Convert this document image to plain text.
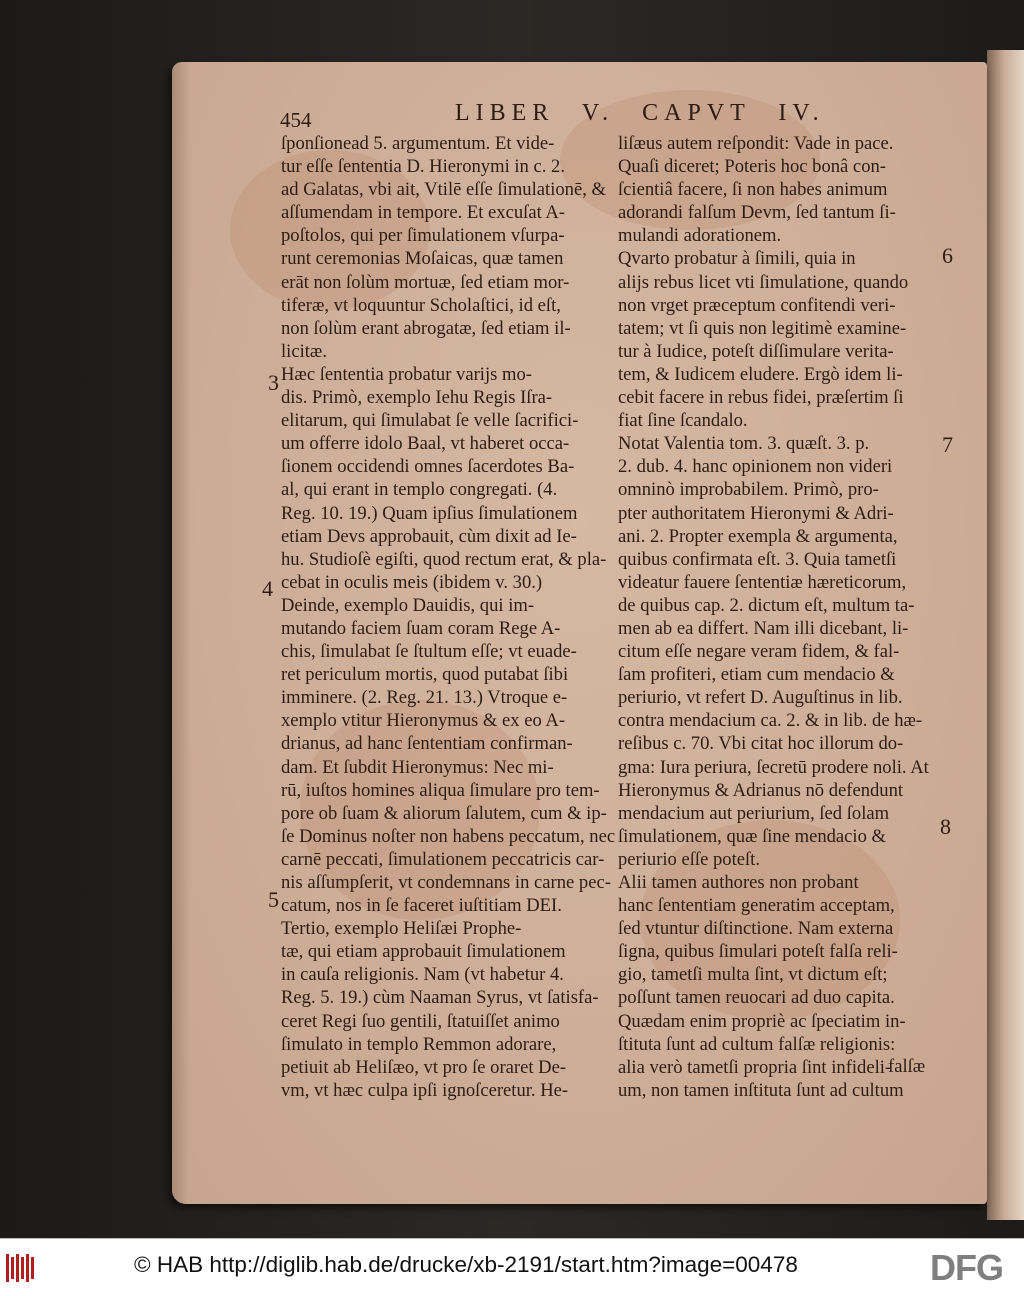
454	LIBER V. CAPVT IV.
ſponſionead 5. argumentum. Et vide-
tur eſſe ſententia D. Hieronymi in c. 2.
ad Galatas, vbi ait, Vtilē eſſe ſimulationē, &
aſſumendam in tempore. Et excuſat A-
poſtolos, qui per ſimulationem vſurpa-
runt ceremonias Moſaicas, quæ tamen
erāt non ſolùm mortuæ, ſed etiam mor-
tiferæ, vt loquuntur Scholaſtici, id eſt,
non ſolùm erant abrogatæ, ſed etiam il-
licitæ.
Hæc ſententia probatur varijs mo-
dis. Primò, exemplo Iehu Regis Iſra-
elitarum, qui ſimulabat ſe velle ſacrifici-
um offerre idolo Baal, vt haberet occa-
ſionem occidendi omnes ſacerdotes Ba-
al, qui erant in templo congregati. (4.
Reg. 10. 19.) Quam ipſius ſimulationem
etiam Devs approbauit, cùm dixit ad Ie-
hu. Studioſè egiſti, quod rectum erat, & pla-
cebat in oculis meis (ibidem v. 30.)
Deinde, exemplo Dauidis, qui im-
mutando faciem ſuam coram Rege A-
chis, ſimulabat ſe ſtultum eſſe; vt euade-
ret periculum mortis, quod putabat ſibi
imminere. (2. Reg. 21. 13.) Vtroque e-
xemplo vtitur Hieronymus & ex eo A-
drianus, ad hanc ſententiam confirman-
dam. Et ſubdit Hieronymus: Nec mi-
rū, iuſtos homines aliqua ſimulare pro tem-
pore ob ſuam & aliorum ſalutem, cum & ip-
ſe Dominus noſter non habens peccatum, nec
carnē peccati, ſimulationem peccatricis car-
nis aſſumpſerit, vt condemnans in carne pec-
catum, nos in ſe faceret iuſtitiam DEI.
Tertio, exemplo Heliſæi Prophe-
tæ, qui etiam approbauit ſimulationem
in cauſa religionis. Nam (vt habetur 4.
Reg. 5. 19.) cùm Naaman Syrus, vt ſatisfa-
ceret Regi ſuo gentili, ſtatuiſſet animo
ſimulato in templo Remmon adorare,
petiuit ab Heliſæo, vt pro ſe oraret De-
vm, vt hæc culpa ipſi ignoſceretur. He-
liſæus autem reſpondit: Vade in pace.
Quaſi diceret; Poteris hoc bonâ con-
ſcientiâ facere, ſi non habes animum
adorandi falſum Devm, ſed tantum ſi-
mulandi adorationem.
Qvarto probatur à ſimili, quia in
alijs rebus licet vti ſimulatione, quando
non vrget præceptum confitendi veri-
tatem; vt ſi quis non legitimè examine-
tur à Iudice, poteſt diſſimulare verita-
tem, & Iudicem eludere. Ergò idem li-
cebit facere in rebus fidei, præſertim ſi
fiat ſine ſcandalo.
Notat Valentia tom. 3. quæſt. 3. p.
2. dub. 4. hanc opinionem non videri
omninò improbabilem. Primò, pro-
pter authoritatem Hieronymi & Adri-
ani. 2. Propter exempla & argumenta,
quibus confirmata eſt. 3. Quia tametſi
videatur fauere ſententiæ hæreticorum,
de quibus cap. 2. dictum eſt, multum ta-
men ab ea differt. Nam illi dicebant, li-
citum eſſe negare veram fidem, & fal-
ſam profiteri, etiam cum mendacio &
periurio, vt refert D. Auguſtinus in lib.
contra mendacium ca. 2. & in lib. de hæ-
reſibus c. 70. Vbi citat hoc illorum do-
gma: Iura periura, ſecretū prodere noli. At
Hieronymus & Adrianus nō defendunt
mendacium aut periurium, ſed ſolam
ſimulationem, quæ ſine mendacio &
periurio eſſe poteſt.
Alii tamen authores non probant
hanc ſententiam generatim acceptam,
ſed vtuntur diſtinctione. Nam externa
ſigna, quibus ſimulari poteſt falſa reli-
gio, tametſi multa ſint, vt dictum eſt;
poſſunt tamen reuocari ad duo capita.
Quædam enim propriè ac ſpeciatim in-
ſtituta ſunt ad cultum falſæ religionis:
alia verò tametſi propria ſint infideli-
um, non tamen inſtituta ſunt ad cultum
3
4
5
6
7
8
falſæ
© HAB http://diglib.hab.de/drucke/xb-2191/start.htm?image=00478	DFG
